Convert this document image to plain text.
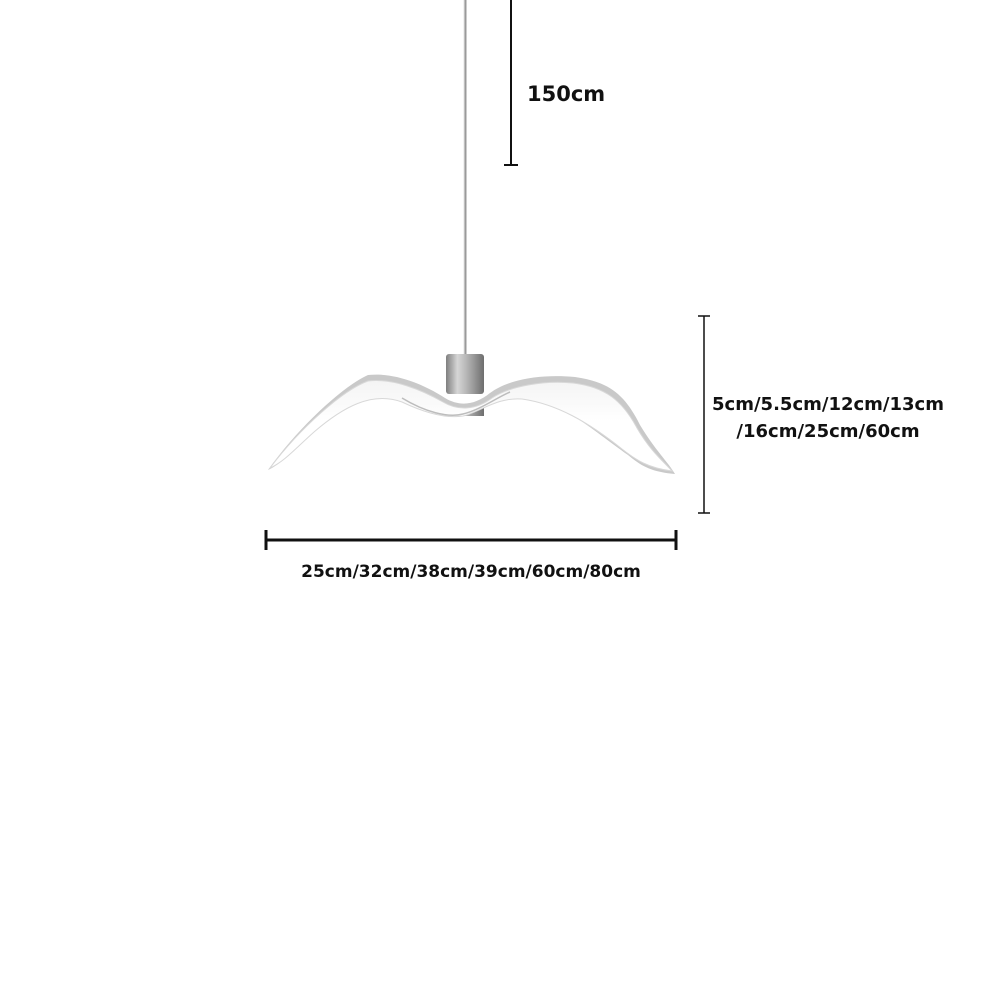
150cm
5cm/5.5cm/12cm/13cm
/16cm/25cm/60cm
25cm/32cm/38cm/39cm/60cm/80cm
